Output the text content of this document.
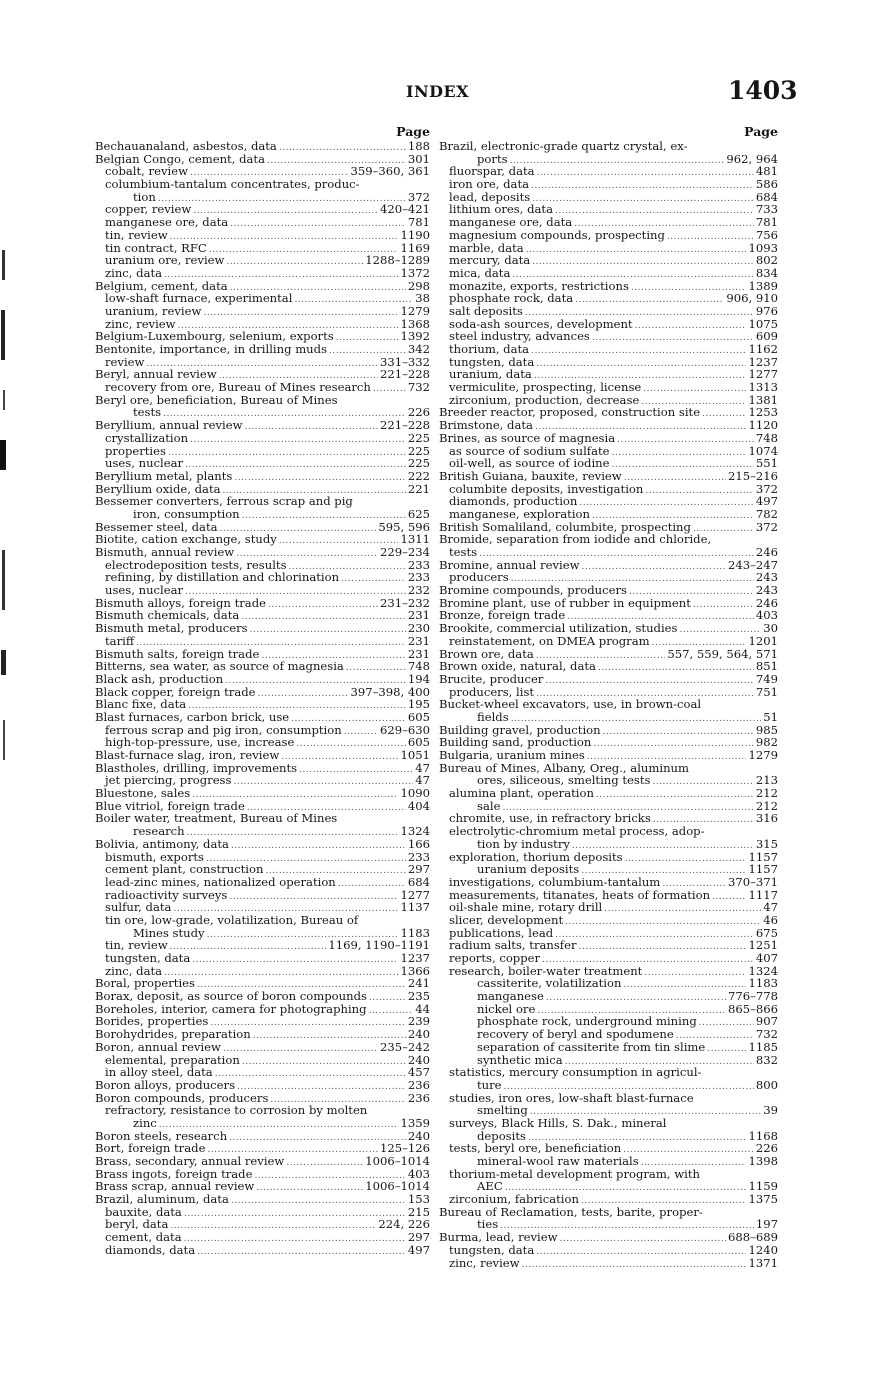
INDEX	1403
Page
Bechauanaland, asbestos, data .....	188
Belgian Congo, cement, data .....	301
cobalt, review .....	359–360, 361
columbium-tantalum concentrates, produc-
tion .....	372
copper, review .....	420–421
manganese ore, data .....	781
tin, review .....	1190
tin contract, RFC .....	1169
uranium ore, review .....	1288–1289
zinc, data .....	1372
Belgium, cement, data .....	298
low-shaft furnace, experimental .....	38
uranium, review .....	1279
zinc, review .....	1368
Belgium-Luxembourg, selenium, exports .....	1392
Bentonite, importance, in drilling muds .....	342
review .....	331–332
Beryl, annual review .....	221–228
recovery from ore, Bureau of Mines research .....	732
Beryl ore, beneficiation, Bureau of Mines
tests .....	226
Beryllium, annual review .....	221–228
crystallization .....	225
properties .....	225
uses, nuclear .....	225
Beryllium metal, plants .....	222
Beryllium oxide, data .....	221
Bessemer converters, ferrous scrap and pig
iron, consumption .....	625
Bessemer steel, data .....	595, 596
Biotite, cation exchange, study .....	1311
Bismuth, annual review .....	229–234
electrodeposition tests, results .....	233
refining, by distillation and chlorination .....	233
uses, nuclear .....	232
Bismuth alloys, foreign trade .....	231–232
Bismuth chemicals, data .....	231
Bismuth metal, producers .....	230
tariff .....	231
Bismuth salts, foreign trade .....	231
Bitterns, sea water, as source of magnesia .....	748
Black ash, production .....	194
Black copper, foreign trade .....	397–398, 400
Blanc fixe, data .....	195
Blast furnaces, carbon brick, use .....	605
ferrous scrap and pig iron, consumption .....	629–630
high-top-pressure, use, increase .....	605
Blast-furnace slag, iron, review .....	1051
Blastholes, drilling, improvements .....	47
jet piercing, progress .....	47
Bluestone, sales .....	1090
Blue vitriol, foreign trade .....	404
Boiler water, treatment, Bureau of Mines
research .....	1324
Bolivia, antimony, data .....	166
bismuth, exports .....	233
cement plant, construction .....	297
lead-zinc mines, nationalized operation .....	684
radioactivity surveys .....	1277
sulfur, data .....	1137
tin ore, low-grade, volatilization, Bureau of
Mines study .....	1183
tin, review .....	1169, 1190–1191
tungsten, data .....	1237
zinc, data .....	1366
Boral, properties .....	241
Borax, deposit, as source of boron compounds .....	235
Boreholes, interior, camera for photographing .....	44
Borides, properties .....	239
Borohydrides, preparation .....	240
Boron, annual review .....	235–242
elemental, preparation .....	240
in alloy steel, data .....	457
Boron alloys, producers .....	236
Boron compounds, producers .....	236
refractory, resistance to corrosion by molten
zinc .....	1359
Boron steels, research .....	240
Bort, foreign trade .....	125–126
Brass, secondary, annual review .....	1006–1014
Brass ingots, foreign trade .....	403
Brass scrap, annual review .....	1006–1014
Brazil, aluminum, data .....	153
bauxite, data .....	215
beryl, data .....	224, 226
cement, data .....	297
diamonds, data .....	497
Page
Brazil, electronic-grade quartz crystal, ex-
ports .....	962, 964
fluorspar, data .....	481
iron ore, data .....	586
lead, deposits .....	684
lithium ores, data .....	733
manganese ore, data .....	781
magnesium compounds, prospecting .....	756
marble, data .....	1093
mercury, data .....	802
mica, data .....	834
monazite, exports, restrictions .....	1389
phosphate rock, data .....	906, 910
salt deposits .....	976
soda-ash sources, development .....	1075
steel industry, advances .....	609
thorium, data .....	1162
tungsten, data .....	1237
uranium, data .....	1277
vermiculite, prospecting, license .....	1313
zirconium, production, decrease .....	1381
Breeder reactor, proposed, construction site .....	1253
Brimstone, data .....	1120
Brines, as source of magnesia .....	748
as source of sodium sulfate .....	1074
oil-well, as source of iodine .....	551
British Guiana, bauxite, review .....	215–216
columbite deposits, investigation .....	372
diamonds, production .....	497
manganese, exploration .....	782
British Somaliland, columbite, prospecting .....	372
Bromide, separation from iodide and chloride,
tests .....	246
Bromine, annual review .....	243–247
producers .....	243
Bromine compounds, producers .....	243
Bromine plant, use of rubber in equipment .....	246
Bronze, foreign trade .....	403
Brookite, commercial utilization, studies .....	30
reinstatement, on DMEA program .....	1201
Brown ore, data .....	557, 559, 564, 571
Brown oxide, natural, data .....	851
Brucite, producer .....	749
producers, list .....	751
Bucket-wheel excavators, use, in brown-coal
fields .....	51
Building gravel, production .....	985
Building sand, production .....	982
Bulgaria, uranium mines .....	1279
Bureau of Mines, Albany, Oreg., aluminum
ores, siliceous, smelting tests .....	213
alumina plant, operation .....	212
sale .....	212
chromite, use, in refractory bricks .....	316
electrolytic-chromium metal process, adop-
tion by industry .....	315
exploration, thorium deposits .....	1157
uranium deposits .....	1157
investigations, columbium-tantalum .....	370–371
measurements, titanates, heats of formation .....	1117
oil-shale mine, rotary drill .....	47
slicer, development .....	46
publications, lead .....	675
radium salts, transfer .....	1251
reports, copper .....	407
research, boiler-water treatment .....	1324
cassiterite, volatilization .....	1183
manganese .....	776–778
nickel ore .....	865–866
phosphate rock, underground mining .....	907
recovery of beryl and spodumene .....	732
separation of cassiterite from tin slime .....	1185
synthetic mica .....	832
statistics, mercury consumption in agricul-
ture .....	800
studies, iron ores, low-shaft blast-furnace
smelting .....	39
surveys, Black Hills, S. Dak., mineral
deposits .....	1168
tests, beryl ore, beneficiation .....	226
mineral-wool raw materials .....	1398
thorium-metal development program, with
AEC .....	1159
zirconium, fabrication .....	1375
Bureau of Reclamation, tests, barite, proper-
ties .....	197
Burma, lead, review .....	688–689
tungsten, data .....	1240
zinc, review .....	1371
